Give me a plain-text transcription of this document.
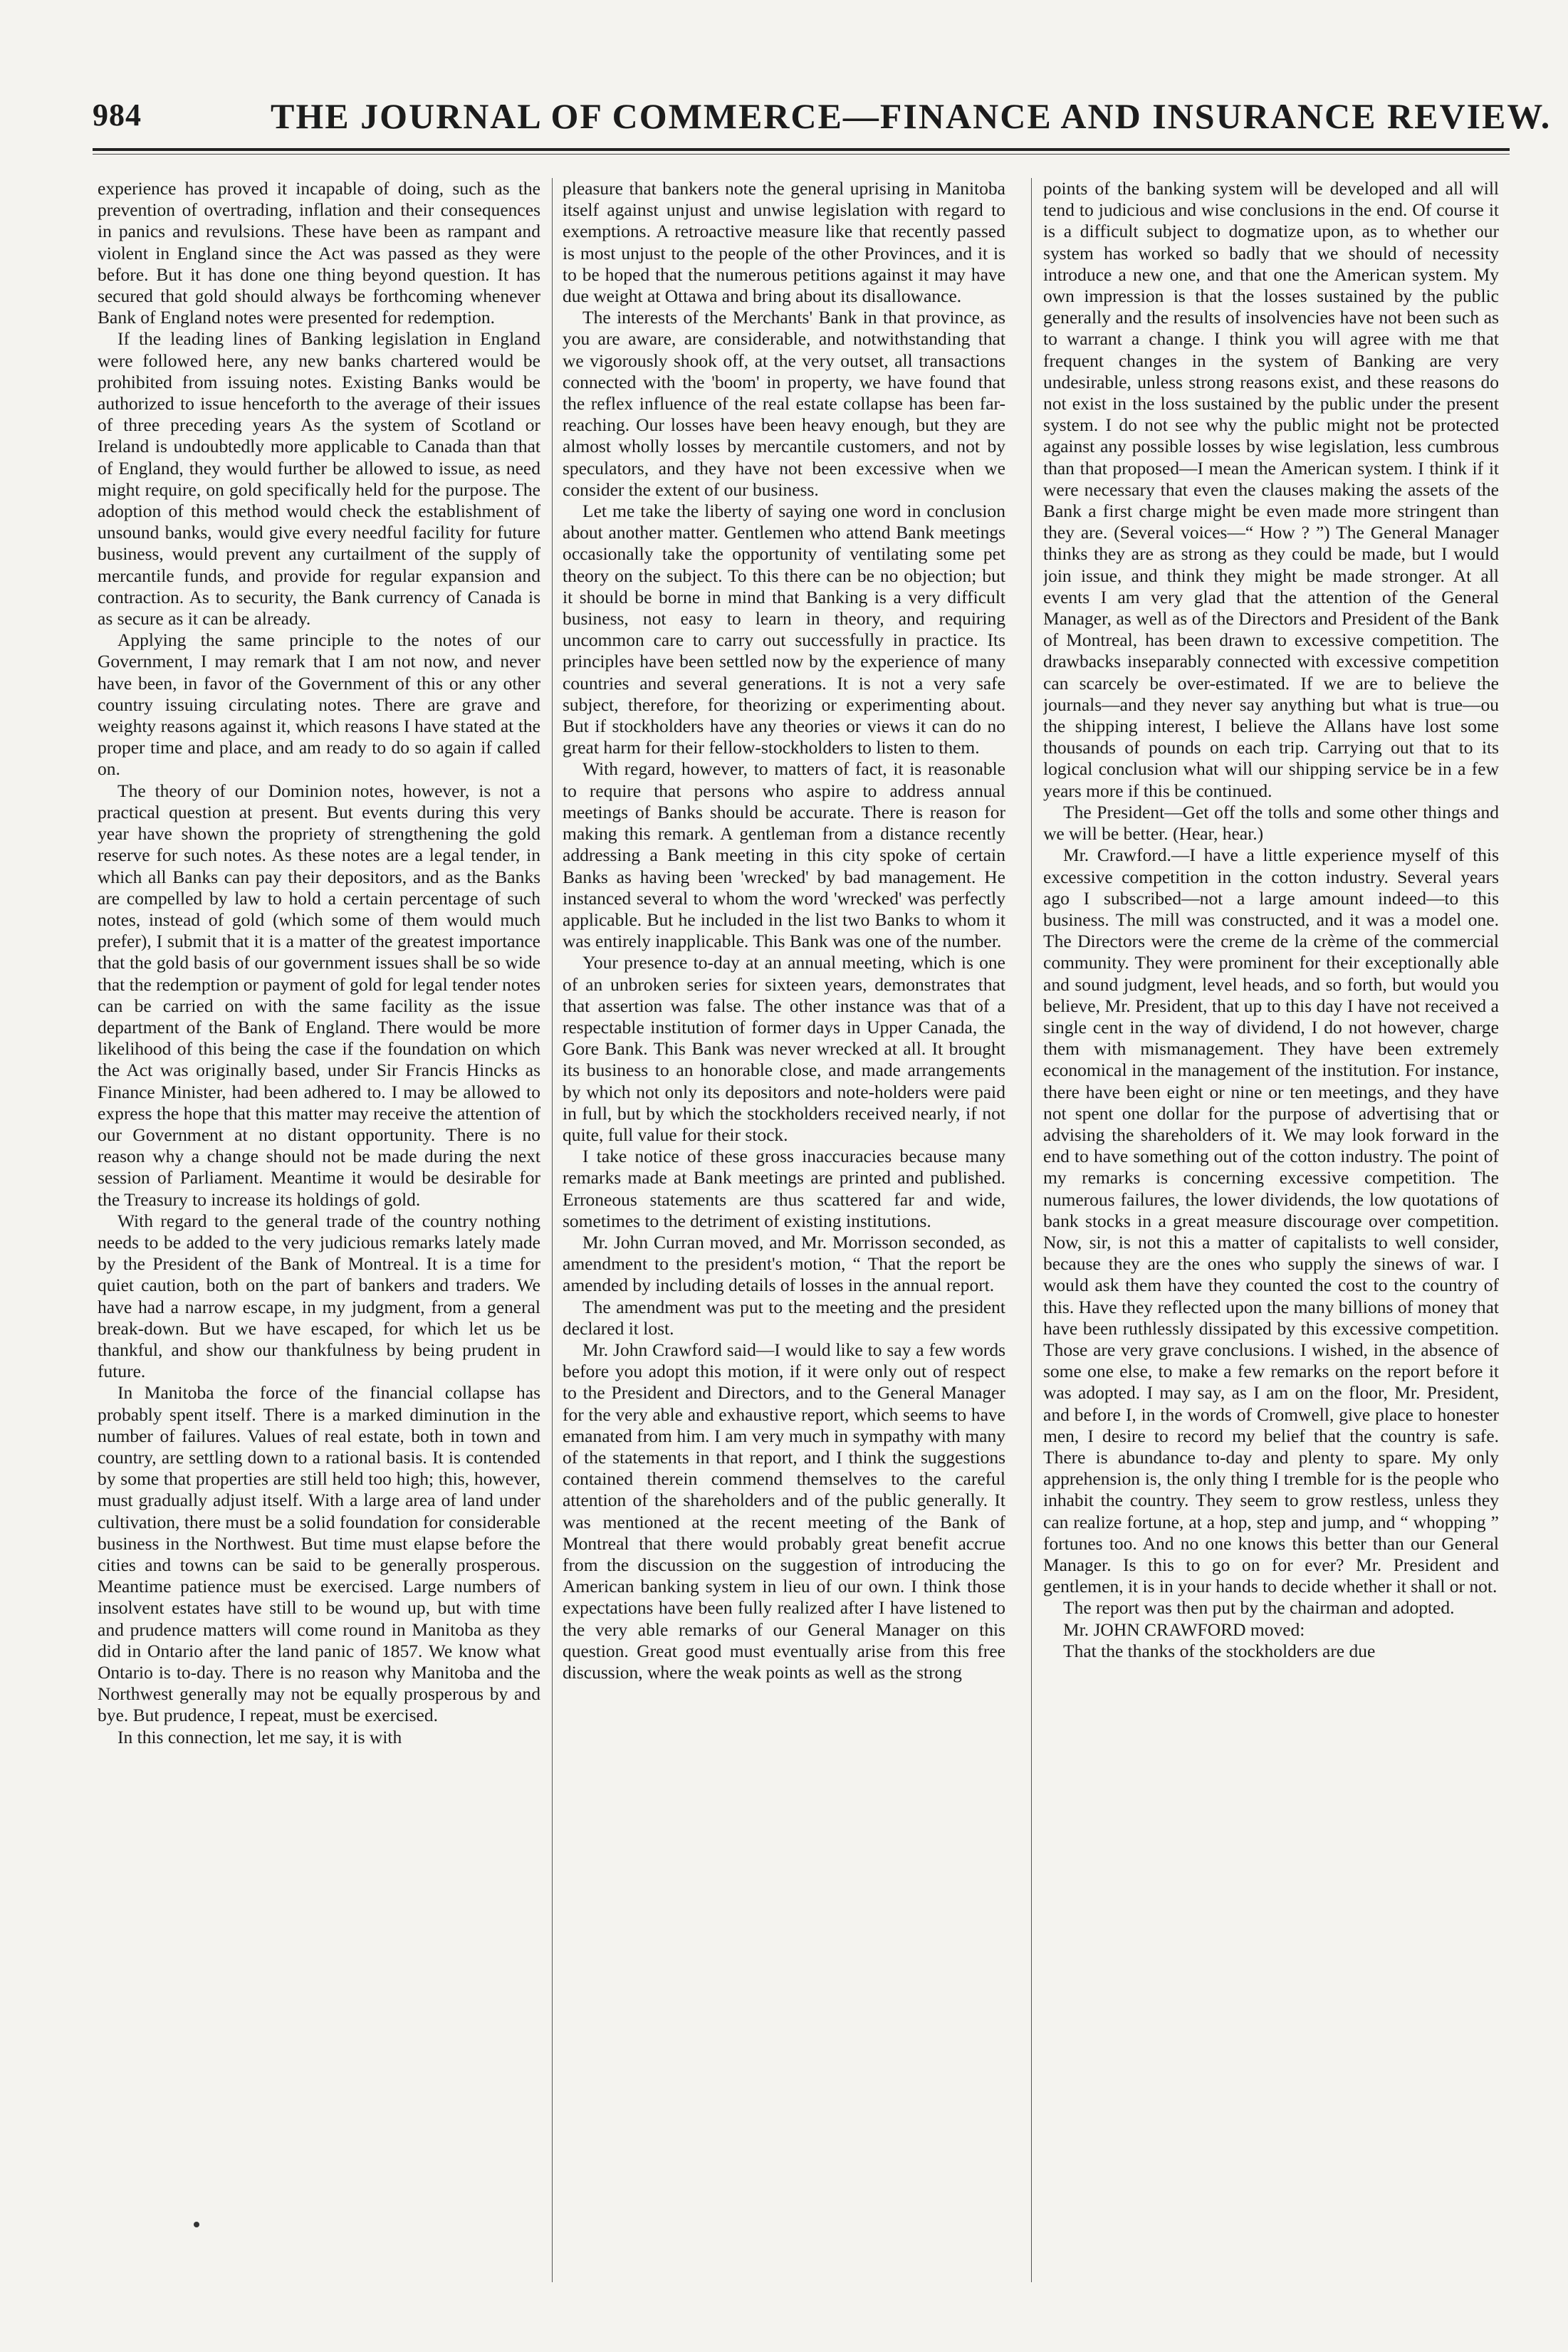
984	THE JOURNAL OF COMMERCE—FINANCE AND INSURANCE REVIEW.

experience has proved it incapable of doing, such as the prevention of overtrading, inflation and their consequences in panics and revulsions. These have been as rampant and violent in England since the Act was passed as they were before. But it has done one thing beyond question. It has secured that gold should always be forthcoming whenever Bank of England notes were presented for redemption.

If the leading lines of Banking legislation in England were followed here, any new banks chartered would be prohibited from issuing notes. Existing Banks would be authorized to issue henceforth to the average of their issues of three preceding years As the system of Scotland or Ireland is undoubtedly more applicable to Canada than that of England, they would further be allowed to issue, as need might require, on gold specifically held for the purpose. The adoption of this method would check the establishment of unsound banks, would give every needful facility for future business, would prevent any curtailment of the supply of mercantile funds, and provide for regular expansion and contraction. As to security, the Bank currency of Canada is as secure as it can be already.

Applying the same principle to the notes of our Government, I may remark that I am not now, and never have been, in favor of the Government of this or any other country issuing circulating notes. There are grave and weighty reasons against it, which reasons I have stated at the proper time and place, and am ready to do so again if called on.

The theory of our Dominion notes, however, is not a practical question at present. But events during this very year have shown the propriety of strengthening the gold reserve for such notes. As these notes are a legal tender, in which all Banks can pay their depositors, and as the Banks are compelled by law to hold a certain percentage of such notes, instead of gold (which some of them would much prefer), I submit that it is a matter of the greatest importance that the gold basis of our government issues shall be so wide that the redemption or payment of gold for legal tender notes can be carried on with the same facility as the issue department of the Bank of England. There would be more likelihood of this being the case if the foundation on which the Act was originally based, under Sir Francis Hincks as Finance Minister, had been adhered to. I may be allowed to express the hope that this matter may receive the attention of our Government at no distant opportunity. There is no reason why a change should not be made during the next session of Parliament. Meantime it would be desirable for the Treasury to increase its holdings of gold.

With regard to the general trade of the country nothing needs to be added to the very judicious remarks lately made by the President of the Bank of Montreal. It is a time for quiet caution, both on the part of bankers and traders. We have had a narrow escape, in my judgment, from a general break-down. But we have escaped, for which let us be thankful, and show our thankfulness by being prudent in future.

In Manitoba the force of the financial collapse has probably spent itself. There is a marked diminution in the number of failures. Values of real estate, both in town and country, are settling down to a rational basis. It is contended by some that properties are still held too high; this, however, must gradually adjust itself. With a large area of land under cultivation, there must be a solid foundation for considerable business in the Northwest. But time must elapse before the cities and towns can be said to be generally prosperous. Meantime patience must be exercised. Large numbers of insolvent estates have still to be wound up, but with time and prudence matters will come round in Manitoba as they did in Ontario after the land panic of 1857. We know what Ontario is to-day. There is no reason why Manitoba and the Northwest generally may not be equally prosperous by and bye. But prudence, I repeat, must be exercised.

In this connection, let me say, it is with

pleasure that bankers note the general uprising in Manitoba itself against unjust and unwise legislation with regard to exemptions. A retroactive measure like that recently passed is most unjust to the people of the other Provinces, and it is to be hoped that the numerous petitions against it may have due weight at Ottawa and bring about its disallowance.

The interests of the Merchants' Bank in that province, as you are aware, are considerable, and notwithstanding that we vigorously shook off, at the very outset, all transactions connected with the 'boom' in property, we have found that the reflex influence of the real estate collapse has been far-reaching. Our losses have been heavy enough, but they are almost wholly losses by mercantile customers, and not by speculators, and they have not been excessive when we consider the extent of our business.

Let me take the liberty of saying one word in conclusion about another matter. Gentlemen who attend Bank meetings occasionally take the opportunity of ventilating some pet theory on the subject. To this there can be no objection; but it should be borne in mind that Banking is a very difficult business, not easy to learn in theory, and requiring uncommon care to carry out successfully in practice. Its principles have been settled now by the experience of many countries and several generations. It is not a very safe subject, therefore, for theorizing or experimenting about. But if stockholders have any theories or views it can do no great harm for their fellow-stockholders to listen to them.

With regard, however, to matters of fact, it is reasonable to require that persons who aspire to address annual meetings of Banks should be accurate. There is reason for making this remark. A gentleman from a distance recently addressing a Bank meeting in this city spoke of certain Banks as having been 'wrecked' by bad management. He instanced several to whom the word 'wrecked' was perfectly applicable. But he included in the list two Banks to whom it was entirely inapplicable. This Bank was one of the number.

Your presence to-day at an annual meeting, which is one of an unbroken series for sixteen years, demonstrates that that assertion was false. The other instance was that of a respectable institution of former days in Upper Canada, the Gore Bank. This Bank was never wrecked at all. It brought its business to an honorable close, and made arrangements by which not only its depositors and note-holders were paid in full, but by which the stockholders received nearly, if not quite, full value for their stock.

I take notice of these gross inaccuracies because many remarks made at Bank meetings are printed and published. Erroneous statements are thus scattered far and wide, sometimes to the detriment of existing institutions.

Mr. John Curran moved, and Mr. Morrisson seconded, as amendment to the president's motion, “ That the report be amended by including details of losses in the annual report.

The amendment was put to the meeting and the president declared it lost.

Mr. John Crawford said—I would like to say a few words before you adopt this motion, if it were only out of respect to the President and Directors, and to the General Manager for the very able and exhaustive report, which seems to have emanated from him. I am very much in sympathy with many of the statements in that report, and I think the suggestions contained therein commend themselves to the careful attention of the shareholders and of the public generally. It was mentioned at the recent meeting of the Bank of Montreal that there would probably great benefit accrue from the discussion on the suggestion of introducing the American banking system in lieu of our own. I think those expectations have been fully realized after I have listened to the very able remarks of our General Manager on this question. Great good must eventually arise from this free discussion, where the weak points as well as the strong

points of the banking system will be developed and all will tend to judicious and wise conclusions in the end. Of course it is a difficult subject to dogmatize upon, as to whether our system has worked so badly that we should of necessity introduce a new one, and that one the American system. My own impression is that the losses sustained by the public generally and the results of insolvencies have not been such as to warrant a change. I think you will agree with me that frequent changes in the system of Banking are very undesirable, unless strong reasons exist, and these reasons do not exist in the loss sustained by the public under the present system. I do not see why the public might not be protected against any possible losses by wise legislation, less cumbrous than that proposed—I mean the American system. I think if it were necessary that even the clauses making the assets of the Bank a first charge might be even made more stringent than they are. (Several voices—“ How ? ”) The General Manager thinks they are as strong as they could be made, but I would join issue, and think they might be made stronger. At all events I am very glad that the attention of the General Manager, as well as of the Directors and President of the Bank of Montreal, has been drawn to excessive competition. The drawbacks inseparably connected with excessive competition can scarcely be over-estimated. If we are to believe the journals—and they never say anything but what is true—ou the shipping interest, I believe the Allans have lost some thousands of pounds on each trip. Carrying out that to its logical conclusion what will our shipping service be in a few years more if this be continued.

The President—Get off the tolls and some other things and we will be better. (Hear, hear.)

Mr. Crawford.—I have a little experience myself of this excessive competition in the cotton industry. Several years ago I subscribed—not a large amount indeed—to this business. The mill was constructed, and it was a model one. The Directors were the creme de la crème of the commercial community. They were prominent for their exceptionally able and sound judgment, level heads, and so forth, but would you believe, Mr. President, that up to this day I have not received a single cent in the way of dividend, I do not however, charge them with mismanagement. They have been extremely economical in the management of the institution. For instance, there have been eight or nine or ten meetings, and they have not spent one dollar for the purpose of advertising that or advising the shareholders of it. We may look forward in the end to have something out of the cotton industry. The point of my remarks is concerning excessive competition. The numerous failures, the lower dividends, the low quotations of bank stocks in a great measure discourage over competition. Now, sir, is not this a matter of capitalists to well consider, because they are the ones who supply the sinews of war. I would ask them have they counted the cost to the country of this. Have they reflected upon the many billions of money that have been ruthlessly dissipated by this excessive competition. Those are very grave conclusions. I wished, in the absence of some one else, to make a few remarks on the report before it was adopted. I may say, as I am on the floor, Mr. President, and before I, in the words of Cromwell, give place to honester men, I desire to record my belief that the country is safe. There is abundance to-day and plenty to spare. My only apprehension is, the only thing I tremble for is the people who inhabit the country. They seem to grow restless, unless they can realize fortune, at a hop, step and jump, and “ whopping ” fortunes too. And no one knows this better than our General Manager. Is this to go on for ever? Mr. President and gentlemen, it is in your hands to decide whether it shall or not.

The report was then put by the chairman and adopted.

Mr. JOHN CRAWFORD moved:

That the thanks of the stockholders are due
